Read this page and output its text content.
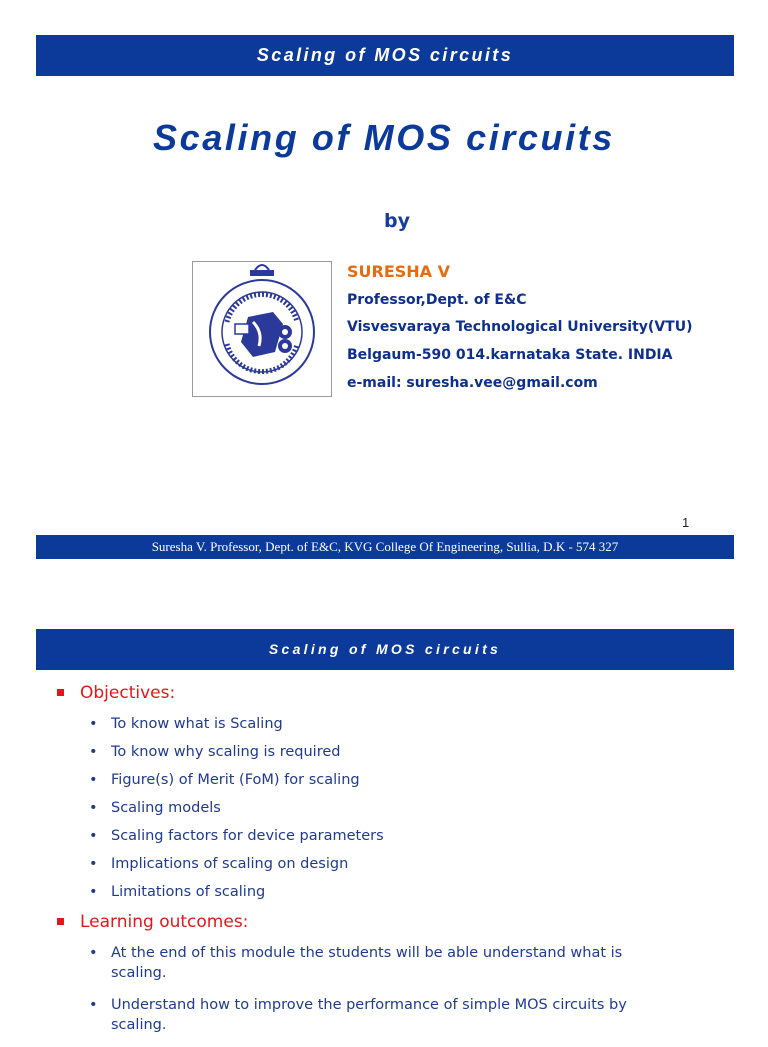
Scaling of MOS circuits
Scaling of MOS circuits
by
SURESHA V
Professor,Dept. of E&C
Visvesvaraya Technological University(VTU)
Belgaum-590 014.karnataka State. INDIA
e-mail: suresha.vee@gmail.com
1
Suresha V. Professor, Dept. of E&C, KVG College Of Engineering, Sullia, D.K - 574 327
Scaling of MOS circuits
Objectives:
• To know what is Scaling
• To know why scaling is required
• Figure(s) of Merit (FoM) for scaling
• Scaling models
• Scaling factors for device parameters
• Implications of scaling on design
• Limitations of scaling
Learning outcomes:
• At the end of this module the students will be able understand what is
scaling.
• Understand how to improve the performance of simple MOS circuits by
scaling.
